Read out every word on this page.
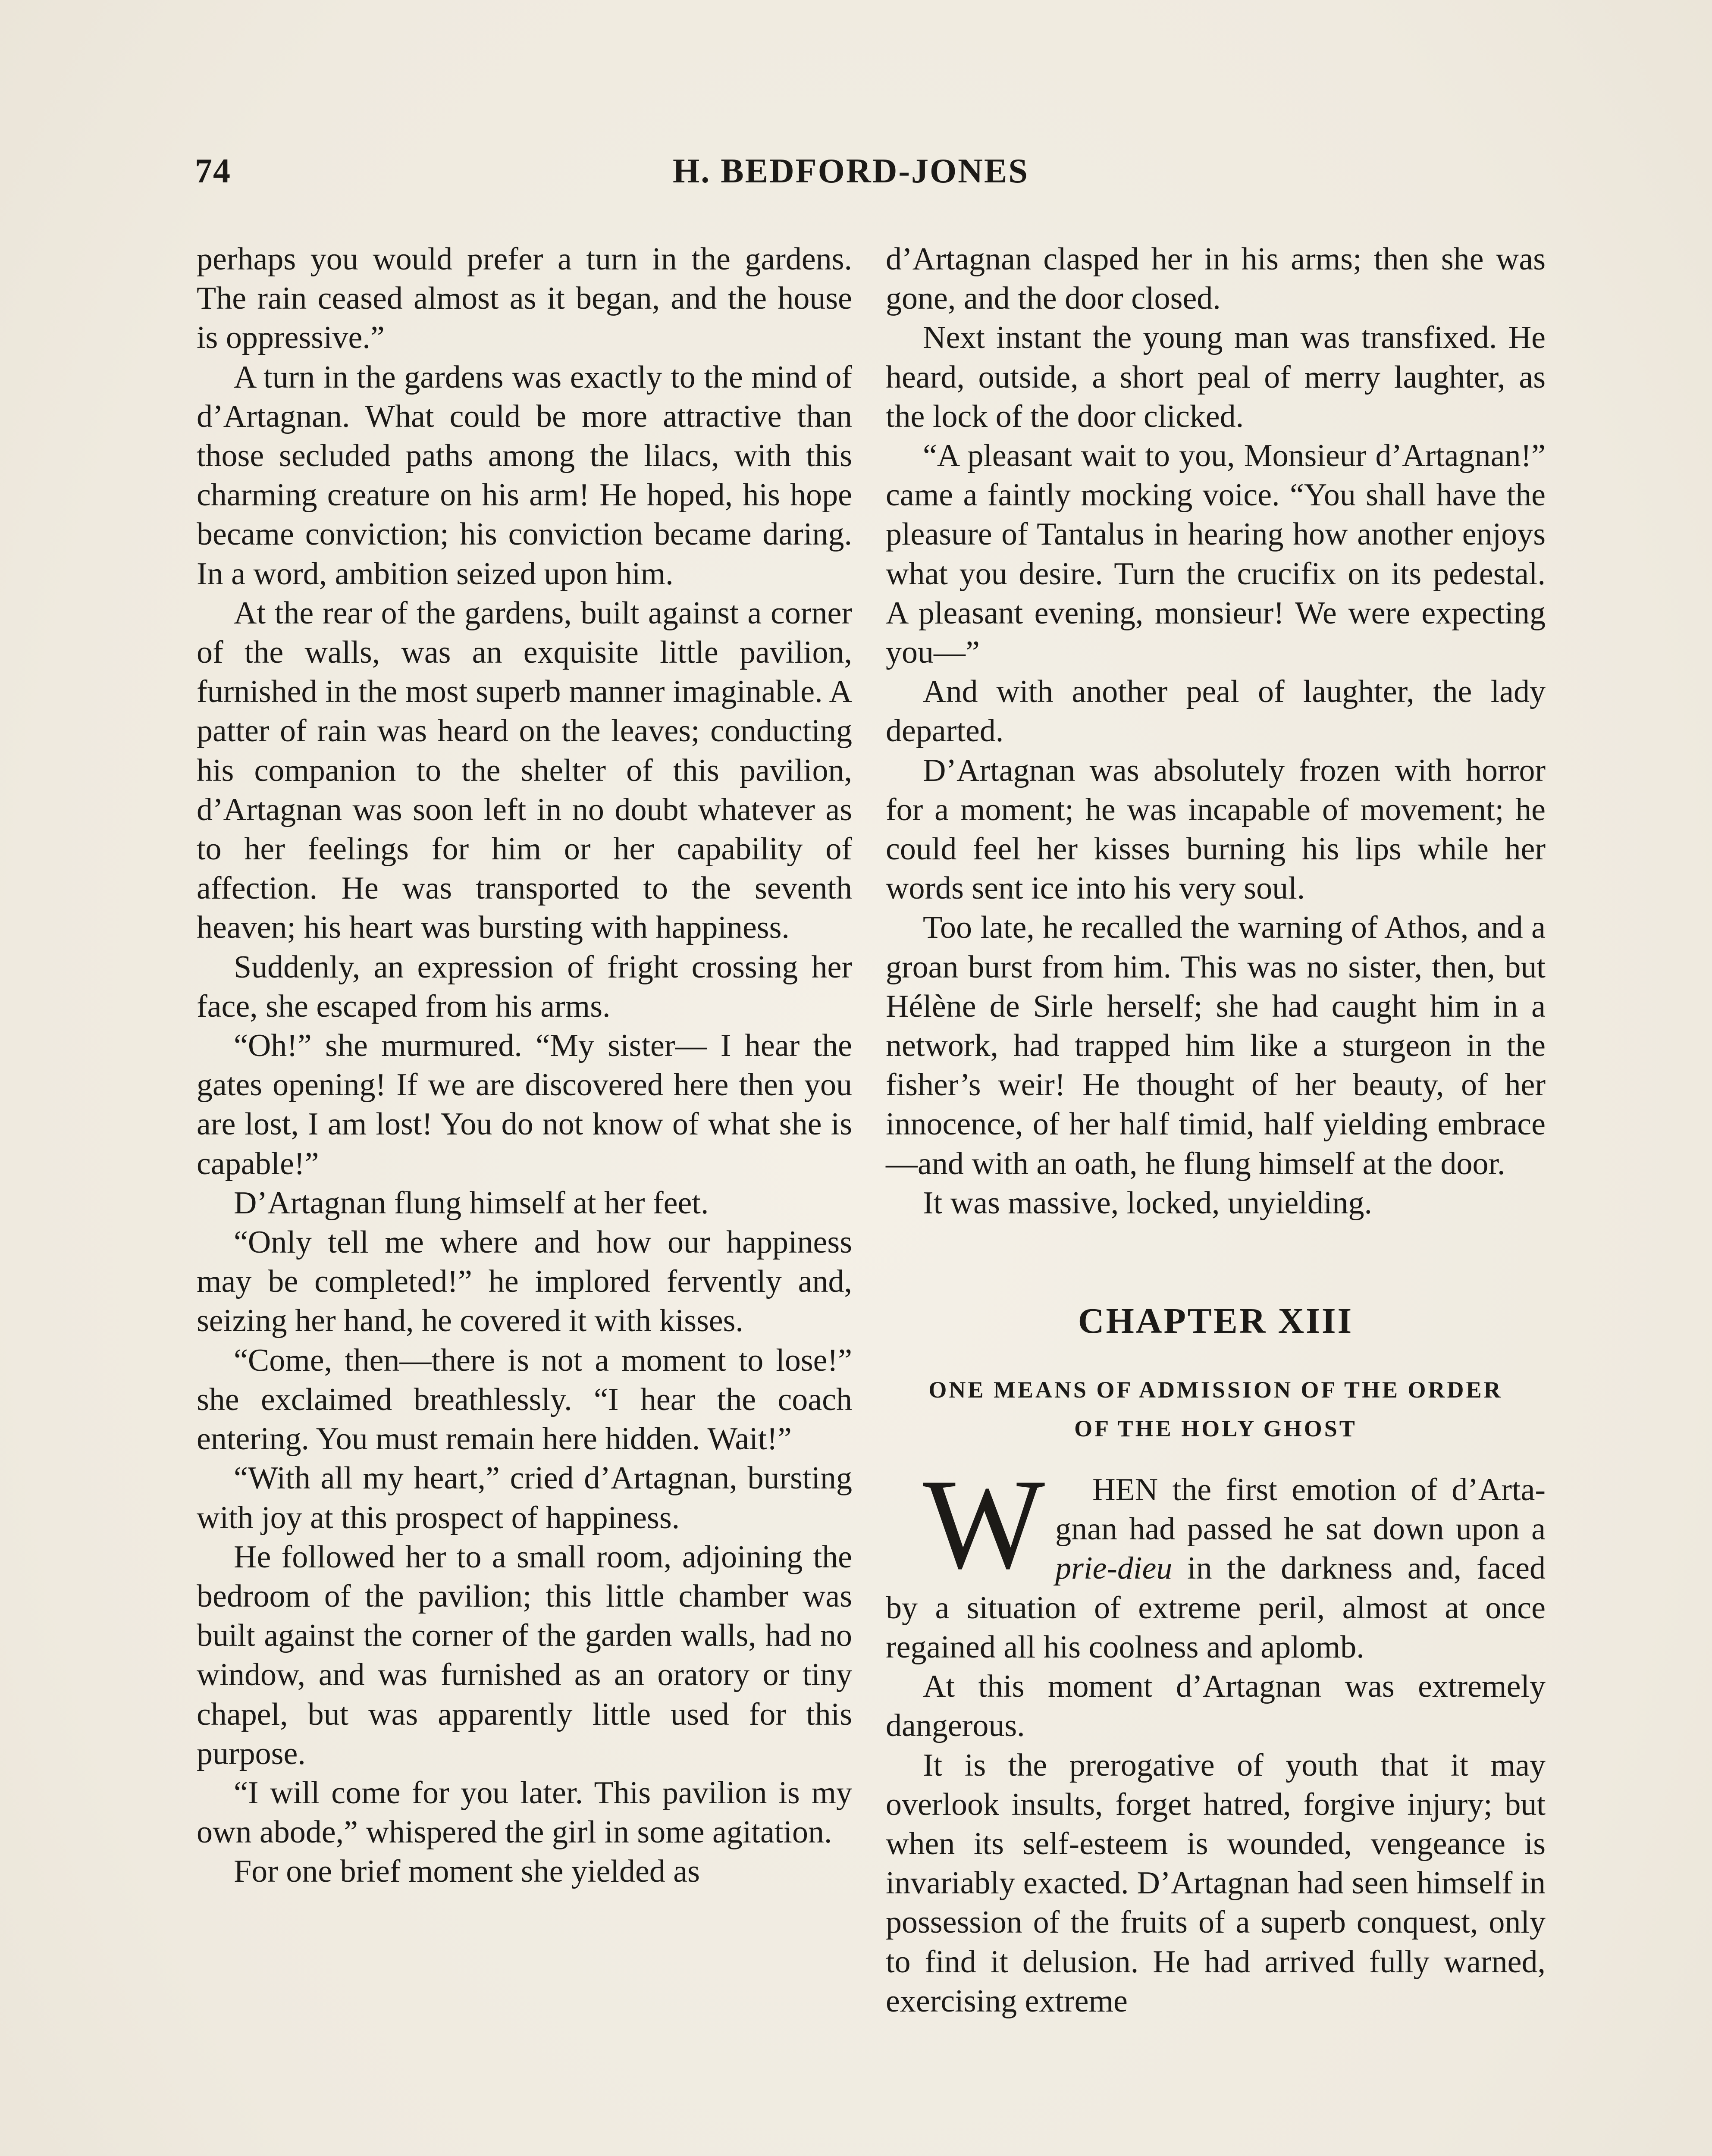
74	H. BEDFORD-JONES

perhaps you would prefer a turn in the gardens. The rain ceased almost as it began, and the house is oppressive.”

A turn in the gardens was exactly to the mind of d’Artagnan. What could be more attractive than those secluded paths among the lilacs, with this charming creature on his arm! He hoped, his hope became conviction; his conviction became daring. In a word, ambition seized upon him.

At the rear of the gardens, built against a corner of the walls, was an exquisite little pavilion, furnished in the most superb manner imaginable. A patter of rain was heard on the leaves; conducting his companion to the shelter of this pavilion, d’Artagnan was soon left in no doubt whatever as to her feelings for him or her capability of affection. He was transported to the seventh heaven; his heart was bursting with happiness.

Suddenly, an expression of fright crossing her face, she escaped from his arms.

“Oh!” she murmured. “My sister— I hear the gates opening! If we are discovered here then you are lost, I am lost! You do not know of what she is capable!”

D’Artagnan flung himself at her feet.

“Only tell me where and how our happiness may be completed!” he implored fervently and, seizing her hand, he covered it with kisses.

“Come, then—there is not a moment to lose!” she exclaimed breathlessly. “I hear the coach entering. You must remain here hidden. Wait!”

“With all my heart,” cried d’Artagnan, bursting with joy at this prospect of happiness.

He followed her to a small room, adjoining the bedroom of the pavilion; this little chamber was built against the corner of the garden walls, had no window, and was furnished as an oratory or tiny chapel, but was apparently little used for this purpose.

“I will come for you later. This pavilion is my own abode,” whispered the girl in some agitation.

For one brief moment she yielded as

d’Artagnan clasped her in his arms; then she was gone, and the door closed.

Next instant the young man was transfixed. He heard, outside, a short peal of merry laughter, as the lock of the door clicked.

“A pleasant wait to you, Monsieur d’Artagnan!” came a faintly mocking voice. “You shall have the pleasure of Tantalus in hearing how another enjoys what you desire. Turn the crucifix on its pedestal. A pleasant evening, monsieur! We were expecting you—”

And with another peal of laughter, the lady departed.

D’Artagnan was absolutely frozen with horror for a moment; he was incapable of movement; he could feel her kisses burning his lips while her words sent ice into his very soul.

Too late, he recalled the warning of Athos, and a groan burst from him. This was no sister, then, but Hélène de Sirle herself; she had caught him in a network, had trapped him like a sturgeon in the fisher’s weir! He thought of her beauty, of her innocence, of her half timid, half yielding embrace—and with an oath, he flung himself at the door.

It was massive, locked, unyielding.

CHAPTER XIII
ONE MEANS OF ADMISSION OF THE ORDER
OF THE HOLY GHOST

W HEN the first emotion of d’Artagnan had passed he sat down upon a prie-dieu in the darkness and, faced by a situation of extreme peril, almost at once regained all his coolness and aplomb.

At this moment d’Artagnan was extremely dangerous.

It is the prerogative of youth that it may overlook insults, forget hatred, forgive injury; but when its self-esteem is wounded, vengeance is invariably exacted. D’Artagnan had seen himself in possession of the fruits of a superb conquest, only to find it delusion. He had arrived fully warned, exercising extreme
